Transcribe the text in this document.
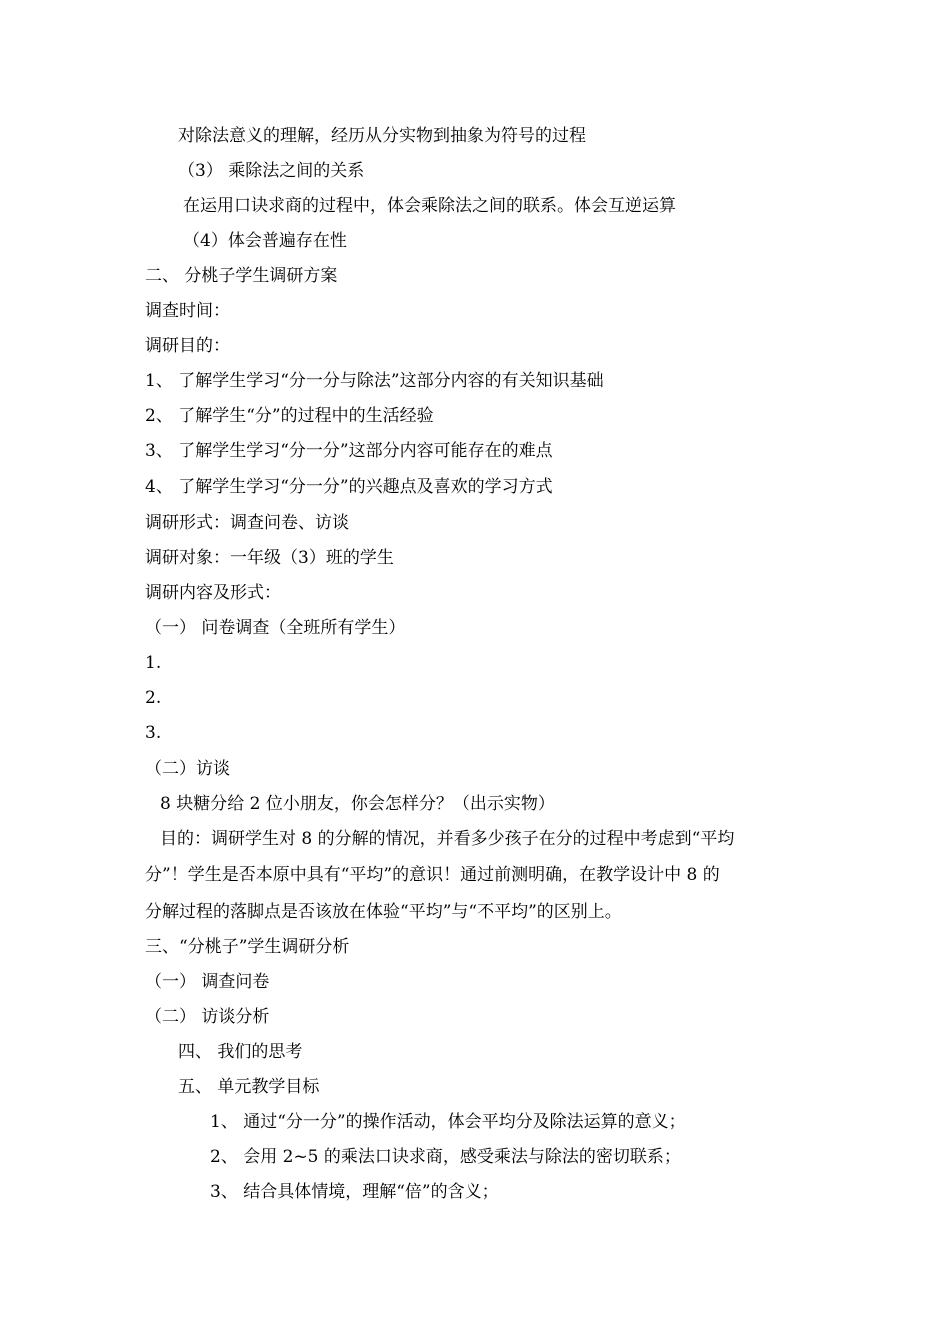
对除法意义的理解，经历从分实物到抽象为符号的过程
（3） 乘除法之间的关系
在运用口诀求商的过程中，体会乘除法之间的联系。体会互逆运算
（4）体会普遍存在性
二、 分桃子学生调研方案
调查时间：
调研目的：
1、 了解学生学习“分一分与除法”这部分内容的有关知识基础
2、 了解学生“分”的过程中的生活经验
3、 了解学生学习“分一分”这部分内容可能存在的难点
4、 了解学生学习“分一分”的兴趣点及喜欢的学习方式
调研形式：调查问卷、访谈
调研对象：一年级（3）班的学生
调研内容及形式：
（一） 问卷调查（全班所有学生）
1.
2.
3.
（二）访谈
8 块糖分给 2 位小朋友，你会怎样分？（出示实物）
目的：调研学生对 8 的分解的情况，并看多少孩子在分的过程中考虑到“平均
分”！学生是否本原中具有“平均”的意识！通过前测明确，在教学设计中 8 的
分解过程的落脚点是否该放在体验“平均”与“不平均”的区别上。
三、“分桃子”学生调研分析
（一） 调查问卷
（二） 访谈分析
四、 我们的思考
五、 单元教学目标
1、 通过“分一分”的操作活动，体会平均分及除法运算的意义；
2、 会用 2~5 的乘法口诀求商，感受乘法与除法的密切联系；
3、 结合具体情境，理解“倍”的含义；
